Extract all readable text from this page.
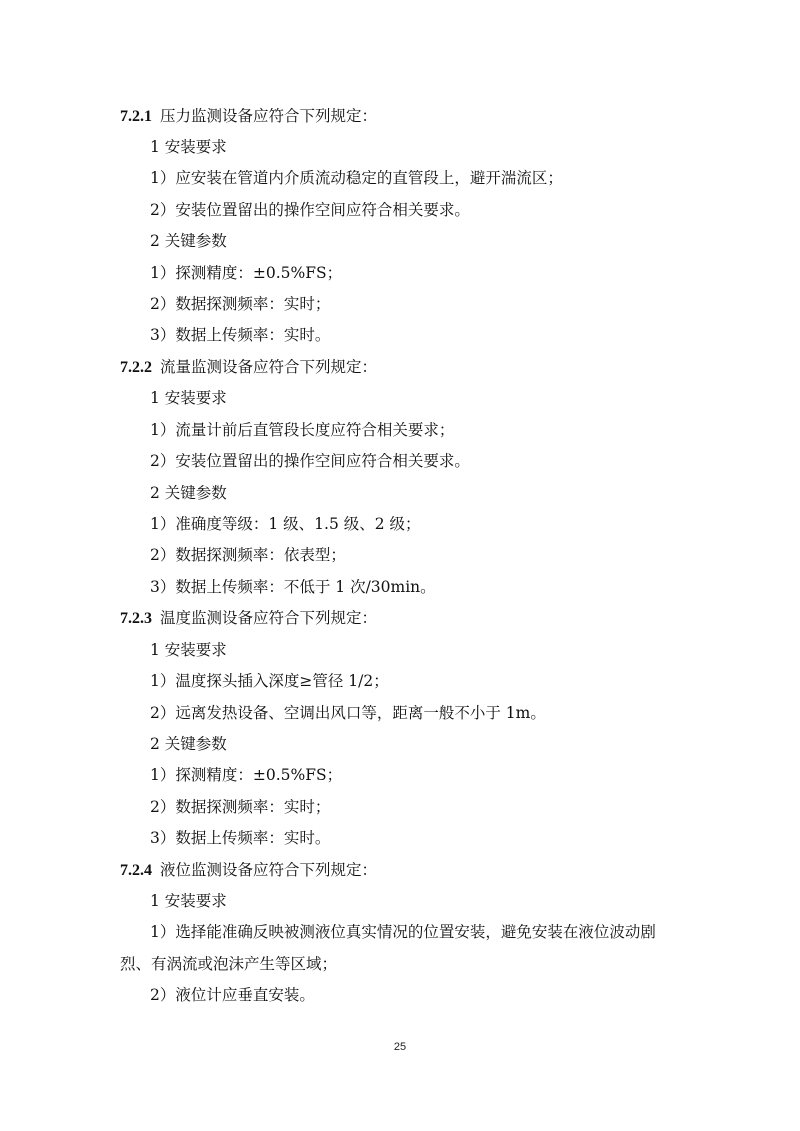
7.2.1 压力监测设备应符合下列规定：
1 安装要求
1）应安装在管道内介质流动稳定的直管段上，避开湍流区；
2）安装位置留出的操作空间应符合相关要求。
2 关键参数
1）探测精度：±0.5%FS；
2）数据探测频率：实时；
3）数据上传频率：实时。
7.2.2 流量监测设备应符合下列规定：
1 安装要求
1）流量计前后直管段长度应符合相关要求；
2）安装位置留出的操作空间应符合相关要求。
2 关键参数
1）准确度等级：1 级、1.5 级、2 级；
2）数据探测频率：依表型；
3）数据上传频率：不低于 1 次/30min。
7.2.3 温度监测设备应符合下列规定：
1 安装要求
1）温度探头插入深度≥管径 1/2；
2）远离发热设备、空调出风口等，距离一般不小于 1m。
2 关键参数
1）探测精度：±0.5%FS；
2）数据探测频率：实时；
3）数据上传频率：实时。
7.2.4 液位监测设备应符合下列规定：
1 安装要求
1）选择能准确反映被测液位真实情况的位置安装，避免安装在液位波动剧
烈、有涡流或泡沫产生等区域；
2）液位计应垂直安装。
25
